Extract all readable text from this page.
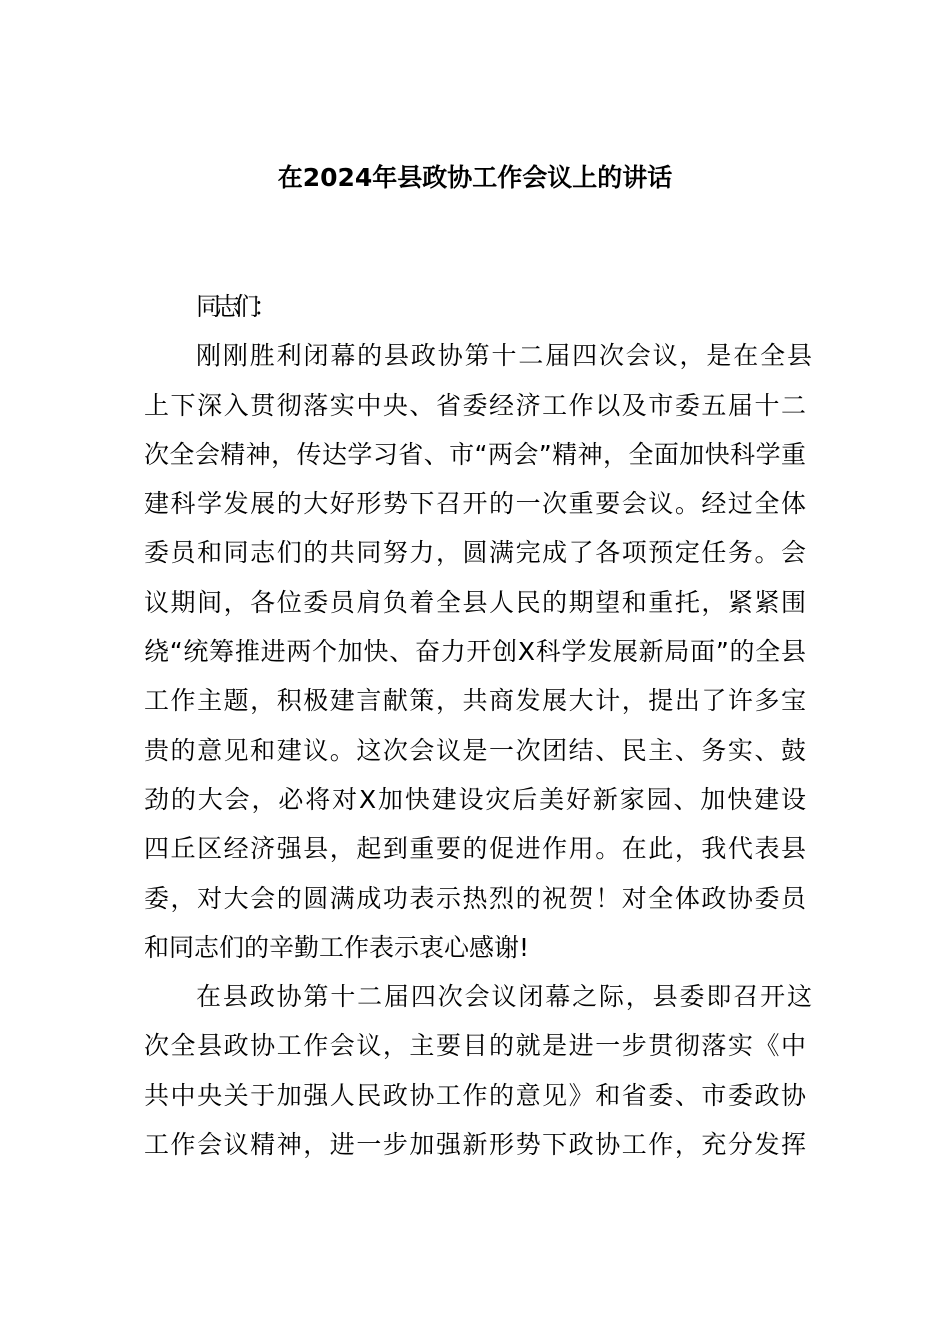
在2024年县政协工作会议上的讲话

同志们：

刚刚胜利闭幕的县政协第十二届四次会议，是在全县
上下深入贯彻落实中央、省委经济工作以及市委五届十二
次全会精神，传达学习省、市“两会”精神，全面加快科学重
建科学发展的大好形势下召开的一次重要会议。经过全体
委员和同志们的共同努力，圆满完成了各项预定任务。会
议期间，各位委员肩负着全县人民的期望和重托，紧紧围
绕“统筹推进两个加快、奋力开创X科学发展新局面”的全县
工作主题，积极建言献策，共商发展大计，提出了许多宝
贵的意见和建议。这次会议是一次团结、民主、务实、鼓
劲的大会，必将对X加快建设灾后美好新家园、加快建设
四丘区经济强县，起到重要的促进作用。在此，我代表县
委，对大会的圆满成功表示热烈的祝贺！对全体政协委员
和同志们的辛勤工作表示衷心感谢!

在县政协第十二届四次会议闭幕之际，县委即召开这
次全县政协工作会议，主要目的就是进一步贯彻落实《中
共中央关于加强人民政协工作的意见》和省委、市委政协
工作会议精神，进一步加强新形势下政协工作，充分发挥
